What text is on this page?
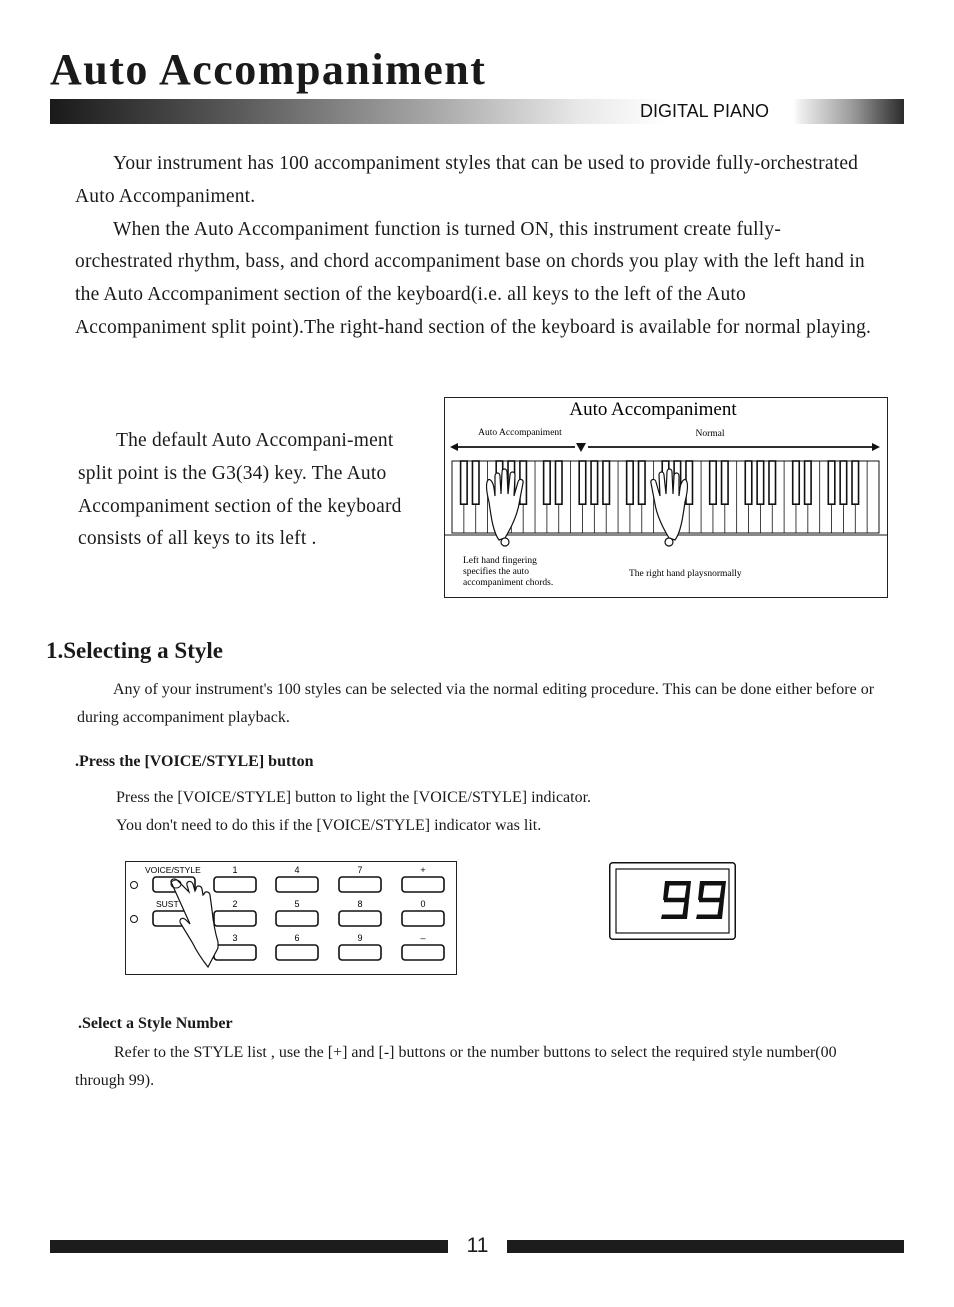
Auto Accompaniment
DIGITAL PIANO

Your instrument has 100 accompaniment styles that can be used to provide fully-orchestrated Auto Accompaniment.

When the Auto Accompaniment function is turned ON, this instrument create fully-orchestrated rhythm, bass, and chord accompaniment base on chords you play with the left hand in the Auto Accompaniment section of the keyboard(i.e. all keys to the left of the Auto Accompaniment split point).The right-hand section of the keyboard is available for normal playing.

The default Auto Accompani-ment split point is the G3(34) key. The Auto Accompaniment section of the keyboard consists of all keys to its left .

Auto Accompaniment
Auto Accompaniment	Normal
Left hand fingering
specifies the auto
accompaniment chords.
The right hand playsnormally
1.Selecting a Style

Any of your instrument's 100 styles can be selected via the normal editing procedure. This can be done either before or during accompaniment playback.

.Press the [VOICE/STYLE] button
Press the [VOICE/STYLE] button to light the [VOICE/STYLE] indicator.
You don't need to do this if the [VOICE/STYLE] indicator was lit.
VOICE/STYLE
SUST
1	4	7	+
2	5	8	0
3	6	9	–
.Select a Style Number

Refer to the STYLE list , use the [+] and [-] buttons or the number buttons to select the required style number(00 through 99).

11
